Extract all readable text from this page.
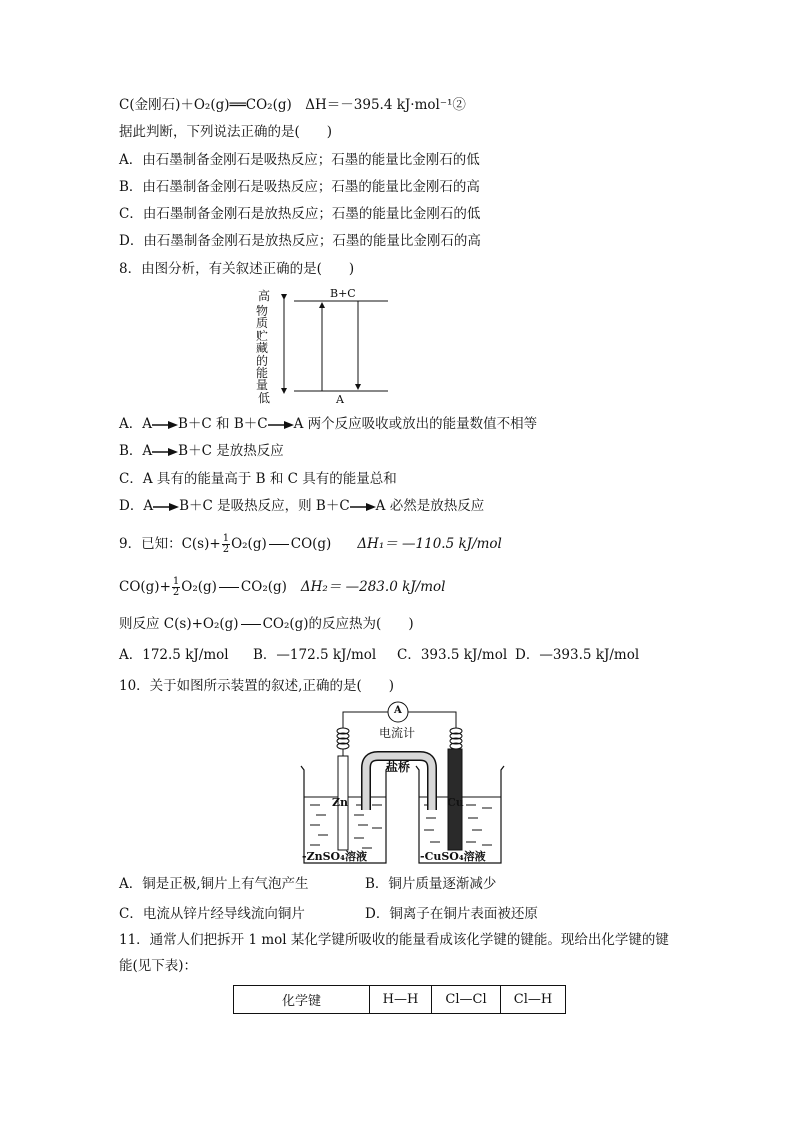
C(金刚石)＋O₂(g)══CO₂(g)　ΔH＝－395.4 kJ·mol⁻¹②
据此判断，下列说法正确的是(　　)
A．由石墨制备金刚石是吸热反应；石墨的能量比金刚石的低
B．由石墨制备金刚石是吸热反应；石墨的能量比金刚石的高
C．由石墨制备金刚石是放热反应；石墨的能量比金刚石的低
D．由石墨制备金刚石是放热反应；石墨的能量比金刚石的高
8．由图分析，有关叙述正确的是(　　)
高
低
物质贮藏的能量
B+C
A
A．A→B＋C 和 B＋C→A 两个反应吸收或放出的能量数值不相等
B．A→B＋C 是放热反应
C．A 具有的能量高于 B 和 C 具有的能量总和
D．A→B＋C 是吸热反应，则 B＋C→A 必然是放热反应
9．已知：$C(s)+ \frac{1}{2} O_2(g)$ CO(g) ΔH₁＝ —110.5 kJ/mol
$CO(g)+ \frac{1}{2} O_2(g)$ CO₂(g) ΔH₂＝ —283.0 kJ/mol
则反应 C(s)+O₂(g) CO₂(g)的反应热为(　　)
A．172.5 kJ/mol B．—172.5 kJ/mol C．393.5 kJ/mol D．—393.5 kJ/mol
10．关于如图所示装置的叙述,正确的是(　　)
A
电流计
盐桥
Zn	Cu
-ZnSO₄溶液	-CuSO₄溶液
A．铜是正极,铜片上有气泡产生	B．铜片质量逐渐减少
C．电流从锌片经导线流向铜片	D．铜离子在铜片表面被还原
11．通常人们把拆开 1 mol 某化学键所吸收的能量看成该化学键的键能。现给出化学键的键
能(见下表)：
化学键	H—H	Cl—Cl	Cl—H
